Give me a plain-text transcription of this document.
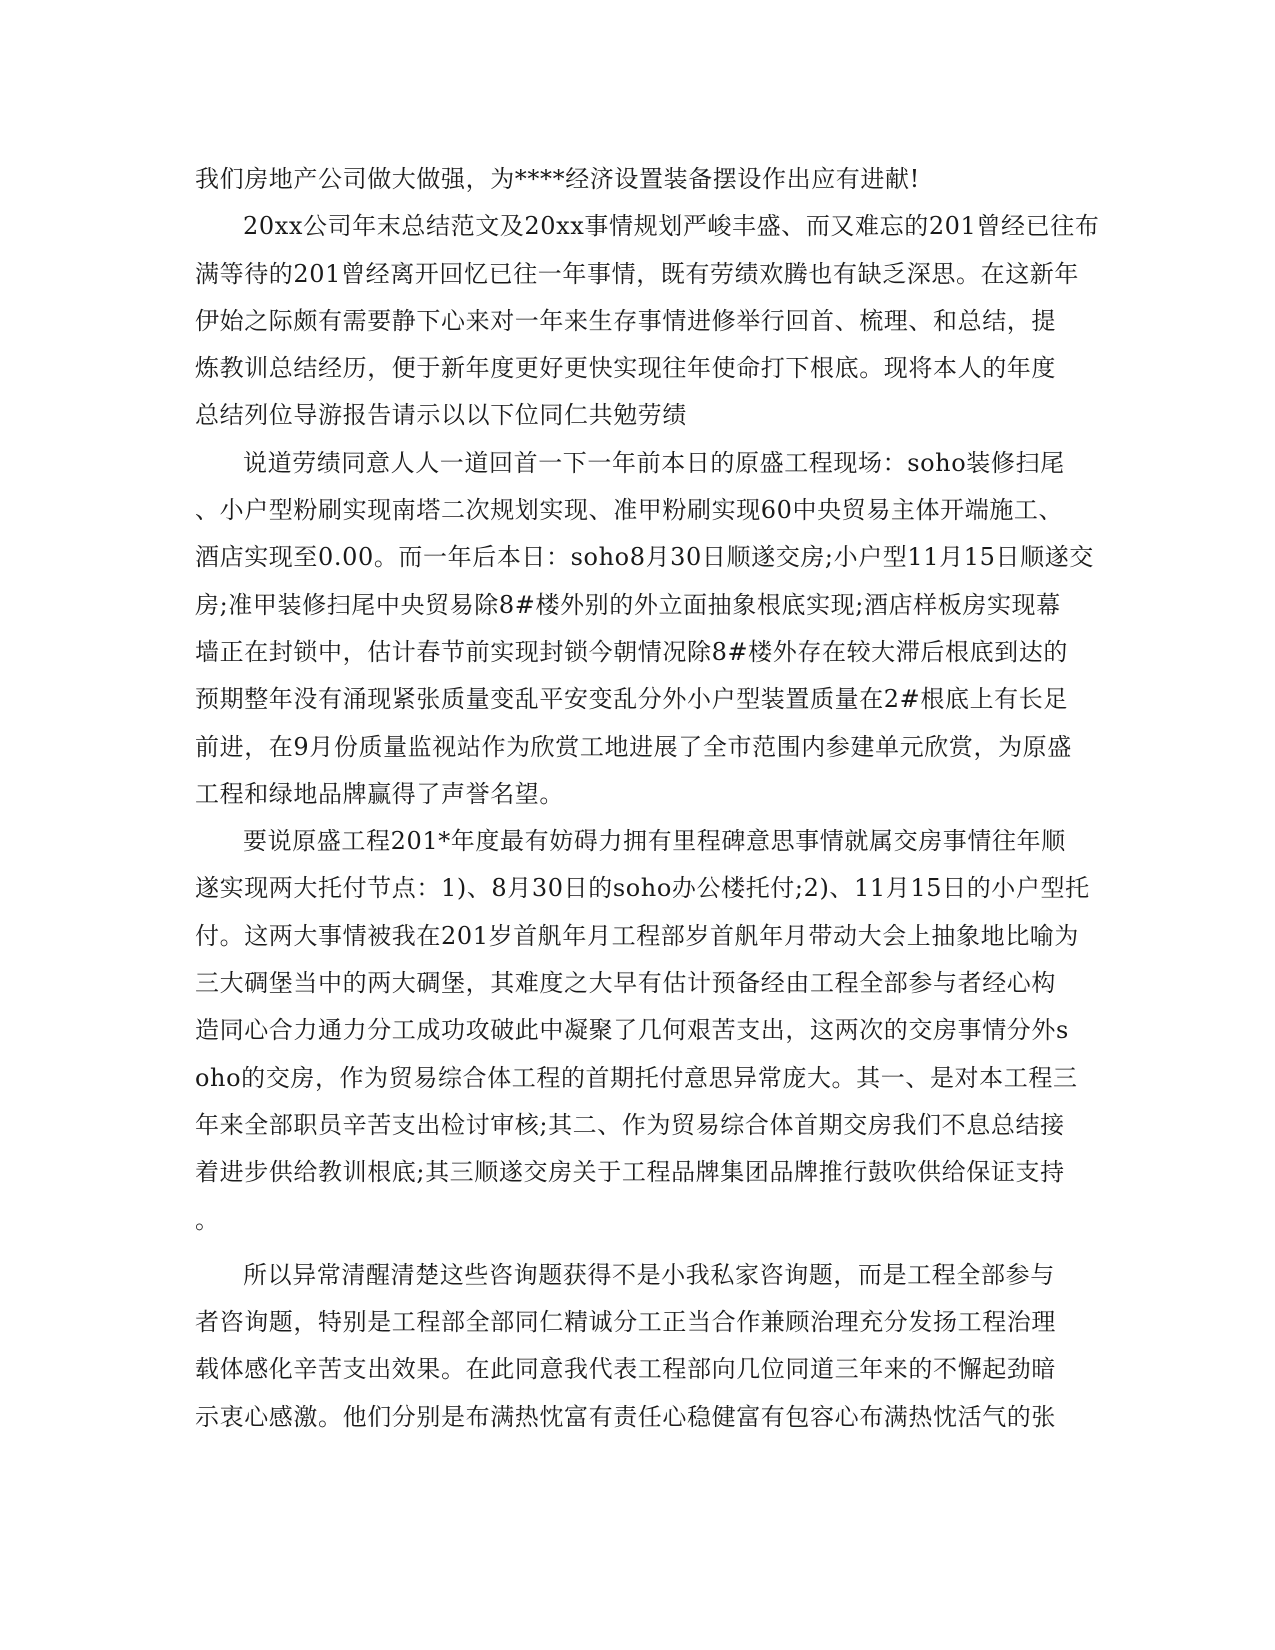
我们房地产公司做大做强，为****经济设置装备摆设作出应有进献!
20xx公司年末总结范文及20xx事情规划严峻丰盛、而又难忘的201曾经已往布
满等待的201曾经离开回忆已往一年事情，既有劳绩欢腾也有缺乏深思。在这新年
伊始之际颇有需要静下心来对一年来生存事情进修举行回首、梳理、和总结，提
炼教训总结经历，便于新年度更好更快实现往年使命打下根底。现将本人的年度
总结列位导游报告请示以以下位同仁共勉劳绩
说道劳绩同意人人一道回首一下一年前本日的原盛工程现场：soho装修扫尾
、小户型粉刷实现南塔二次规划实现、准甲粉刷实现60中央贸易主体开端施工、
酒店实现至0.00。而一年后本日：soho8月30日顺遂交房;小户型11月15日顺遂交
房;准甲装修扫尾中央贸易除8#楼外别的外立面抽象根底实现;酒店样板房实现幕
墙正在封锁中，估计春节前实现封锁今朝情况除8#楼外存在较大滞后根底到达的
预期整年没有涌现紧张质量变乱平安变乱分外小户型装置质量在2#根底上有长足
前进，在9月份质量监视站作为欣赏工地进展了全市范围内参建单元欣赏，为原盛
工程和绿地品牌赢得了声誉名望。
要说原盛工程201*年度最有妨碍力拥有里程碑意思事情就属交房事情往年顺
遂实现两大托付节点：1)、8月30日的soho办公楼托付;2)、11月15日的小户型托
付。这两大事情被我在201岁首舤年月工程部岁首舤年月带动大会上抽象地比喻为
三大碉堡当中的两大碉堡，其难度之大早有估计预备经由工程全部参与者经心构
造同心合力通力分工成功攻破此中凝聚了几何艰苦支出，这两次的交房事情分外s
oho的交房，作为贸易综合体工程的首期托付意思异常庞大。其一、是对本工程三
年来全部职员辛苦支出检讨审核;其二、作为贸易综合体首期交房我们不息总结接
着进步供给教训根底;其三顺遂交房关于工程品牌集团品牌推行鼓吹供给保证支持
。
所以异常清醒清楚这些咨询题获得不是小我私家咨询题，而是工程全部参与
者咨询题，特别是工程部全部同仁精诚分工正当合作兼顾治理充分发扬工程治理
载体感化辛苦支出效果。在此同意我代表工程部向几位同道三年来的不懈起劲暗
示衷心感激。他们分别是布满热忱富有责任心稳健富有包容心布满热忱活气的张
